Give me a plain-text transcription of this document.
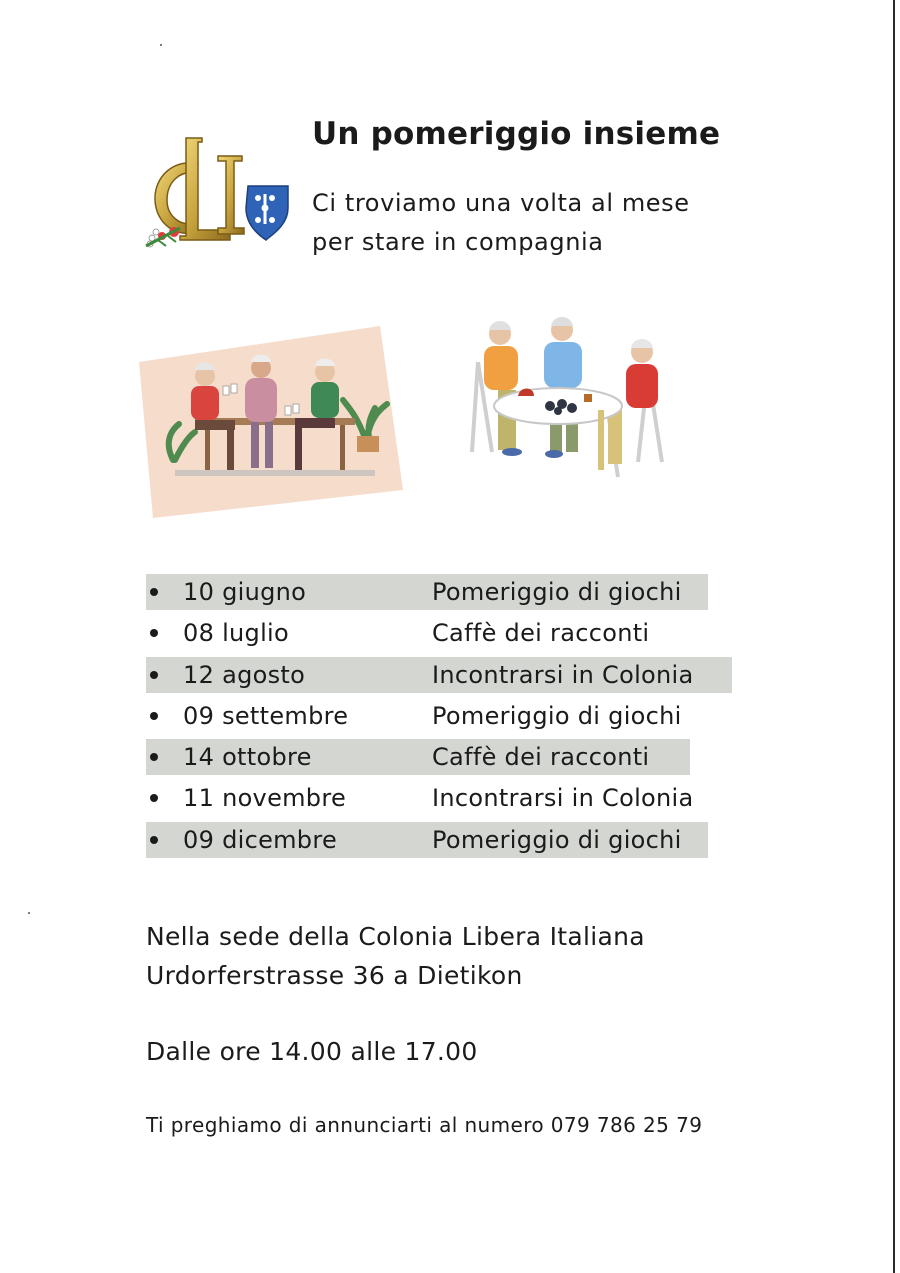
Un pomeriggio insieme
Ci troviamo una volta al mese
per stare in compagnia
10 giugno	Pomeriggio di giochi
08 luglio	Caffè dei racconti
12 agosto	Incontrarsi in Colonia
09 settembre	Pomeriggio di giochi
14 ottobre	Caffè dei racconti
11 novembre	Incontrarsi in Colonia
09 dicembre	Pomeriggio di giochi
Nella sede della Colonia Libera Italiana
Urdorferstrasse 36 a Dietikon
Dalle ore 14.00 alle 17.00
Ti preghiamo di annunciarti al numero 079 786 25 79
